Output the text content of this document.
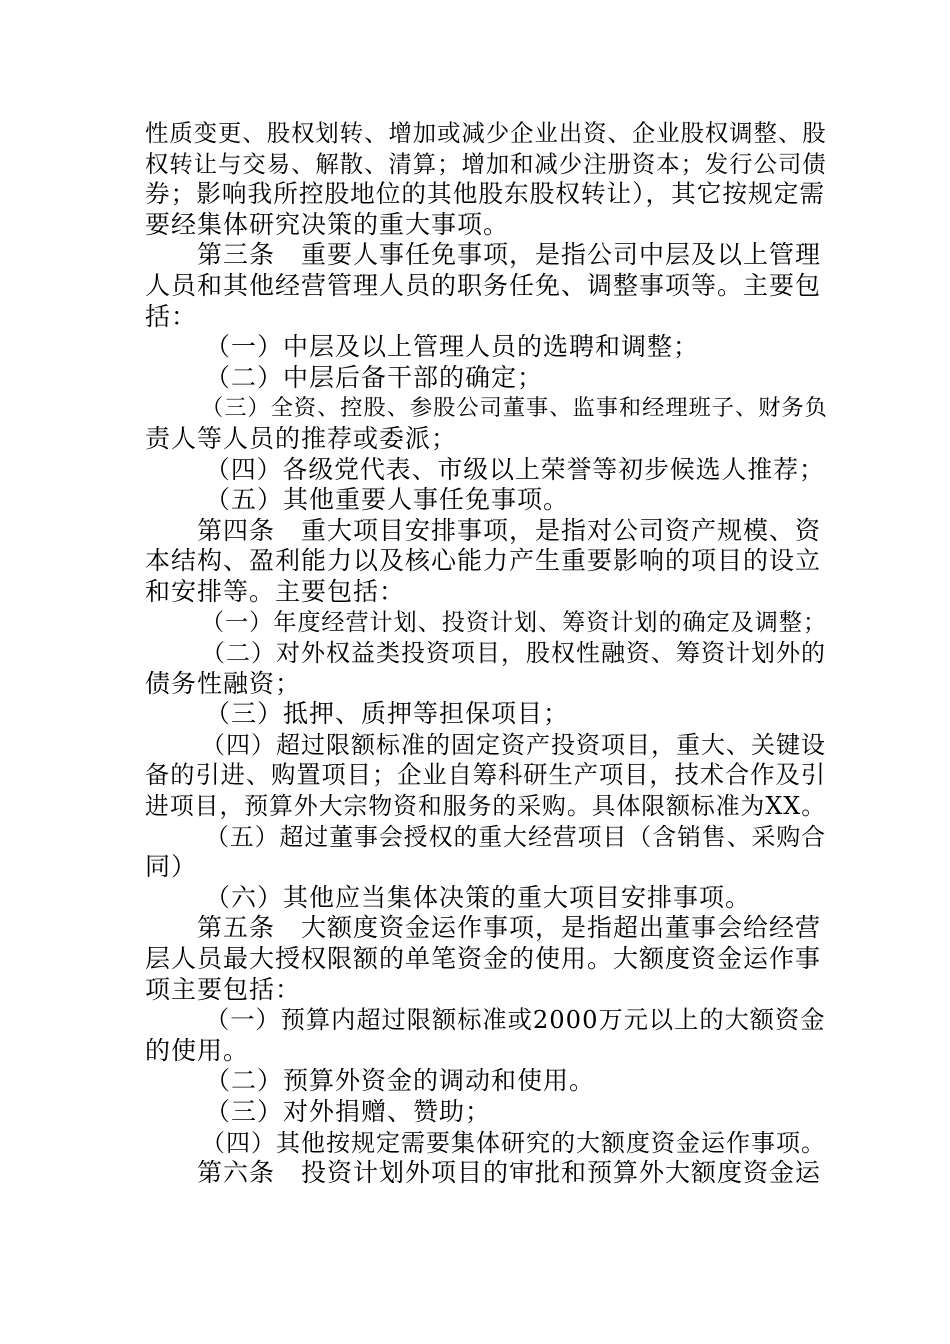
性质变更、股权划转、增加或减少企业出资、企业股权调整、股
权转让与交易、解散、清算；增加和减少注册资本；发行公司债
券；影响我所控股地位的其他股东股权转让），其它按规定需
要经集体研究决策的重大事项。
第三条　重要人事任免事项，是指公司中层及以上管理
人员和其他经营管理人员的职务任免、调整事项等。主要包
括：
（一）中层及以上管理人员的选聘和调整；
（二）中层后备干部的确定；
（三）全资、控股、参股公司董事、监事和经理班子、财务负
责人等人员的推荐或委派；
（四）各级党代表、市级以上荣誉等初步候选人推荐；
（五）其他重要人事任免事项。
第四条　重大项目安排事项，是指对公司资产规模、资
本结构、盈利能力以及核心能力产生重要影响的项目的设立
和安排等。主要包括：
（一）年度经营计划、投资计划、筹资计划的确定及调整；
（二）对外权益类投资项目，股权性融资、筹资计划外的
债务性融资；
（三）抵押、质押等担保项目；
（四）超过限额标准的固定资产投资项目，重大、关键设
备的引进、购置项目；企业自筹科研生产项目，技术合作及引
进项目，预算外大宗物资和服务的采购。具体限额标准为XX。
（五）超过董事会授权的重大经营项目（含销售、采购合
同）
（六）其他应当集体决策的重大项目安排事项。
第五条　大额度资金运作事项，是指超出董事会给经营
层人员最大授权限额的单笔资金的使用。大额度资金运作事
项主要包括：
（一）预算内超过限额标准或2000万元以上的大额资金
的使用。
（二）预算外资金的调动和使用。
（三）对外捐赠、赞助；
（四）其他按规定需要集体研究的大额度资金运作事项。
第六条　投资计划外项目的审批和预算外大额度资金运
